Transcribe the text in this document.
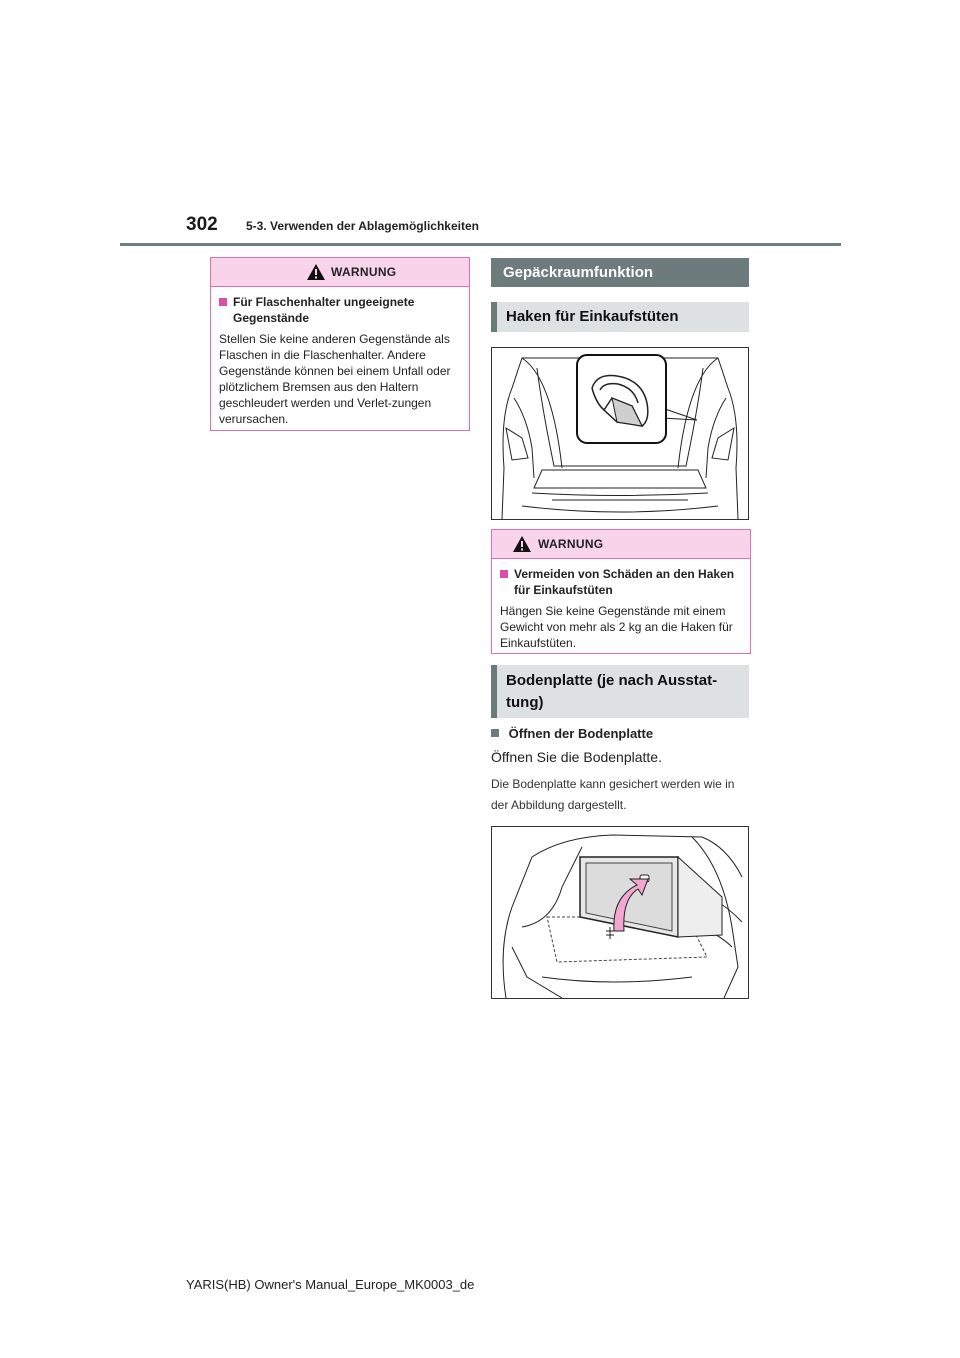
302 5-3. Verwenden der Ablagemöglichkeiten
WARNUNG
Für Flaschenhalter ungeeignete Gegenstände
Stellen Sie keine anderen Gegenstände als Flaschen in die Flaschenhalter. Andere Gegenstände können bei einem Unfall oder plötzlichem Bremsen aus den Haltern geschleudert werden und Verlet-zungen verursachen.
Gepäckraumfunktion
Haken für Einkaufstüten
WARNUNG
Vermeiden von Schäden an den Haken für Einkaufstüten
Hängen Sie keine Gegenstände mit einem Gewicht von mehr als 2 kg an die Haken für Einkaufstüten.
Bodenplatte (je nach Ausstat-tung)
Öffnen der Bodenplatte
Öffnen Sie die Bodenplatte.
Die Bodenplatte kann gesichert werden wie in der Abbildung dargestellt.
YARIS(HB) Owner's Manual_Europe_MK0003_de
